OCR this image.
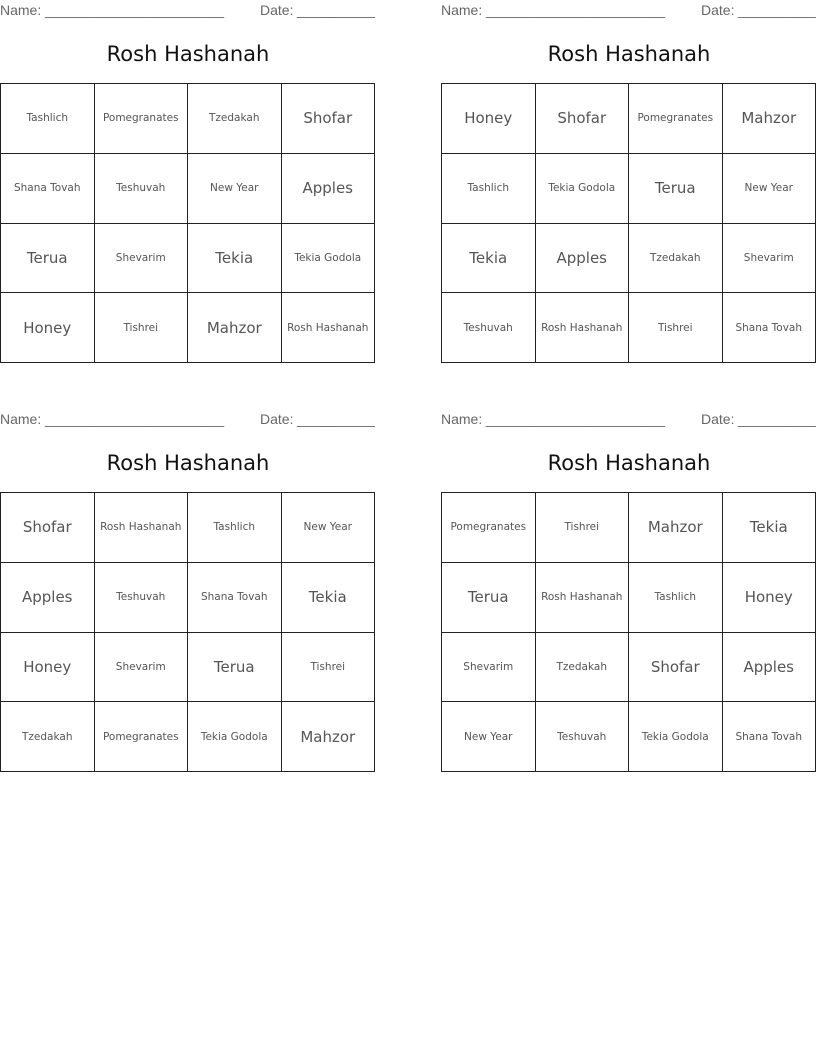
Name: _______________________	Date: __________
Rosh Hashanah
Tashlich	Pomegranates	Tzedakah	Shofar
Shana Tovah	Teshuvah	New Year	Apples
Terua	Shevarim	Tekia	Tekia Godola
Honey	Tishrei	Mahzor	Rosh Hashanah
Name: _______________________	Date: __________
Rosh Hashanah
Honey	Shofar	Pomegranates	Mahzor
Tashlich	Tekia Godola	Terua	New Year
Tekia	Apples	Tzedakah	Shevarim
Teshuvah	Rosh Hashanah	Tishrei	Shana Tovah
Name: _______________________	Date: __________
Rosh Hashanah
Shofar	Rosh Hashanah	Tashlich	New Year
Apples	Teshuvah	Shana Tovah	Tekia
Honey	Shevarim	Terua	Tishrei
Tzedakah	Pomegranates	Tekia Godola	Mahzor
Name: _______________________	Date: __________
Rosh Hashanah
Pomegranates	Tishrei	Mahzor	Tekia
Terua	Rosh Hashanah	Tashlich	Honey
Shevarim	Tzedakah	Shofar	Apples
New Year	Teshuvah	Tekia Godola	Shana Tovah
